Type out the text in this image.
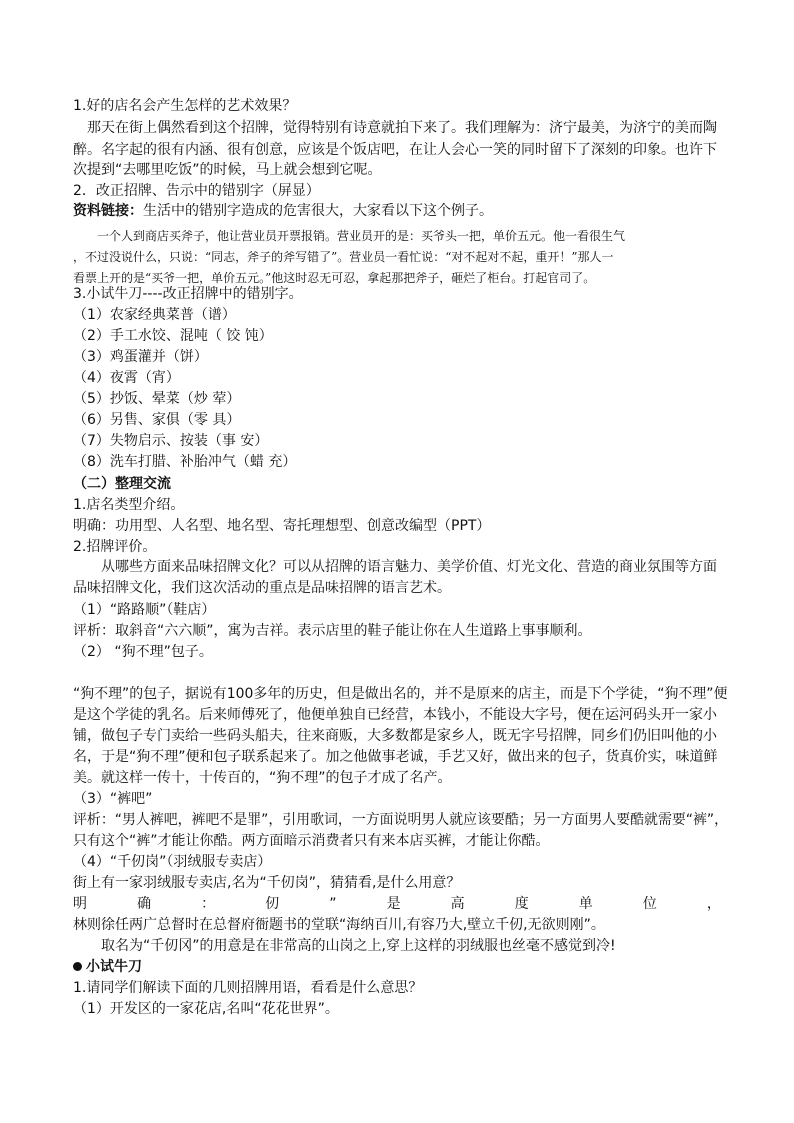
1.好的店名会产生怎样的艺术效果？
那天在街上偶然看到这个招牌，觉得特别有诗意就拍下来了。我们理解为：济宁最美，为济宁的美而陶
醉。名字起的很有内涵、很有创意，应该是个饭店吧，在让人会心一笑的同时留下了深刻的印象。也许下
次提到“去哪里吃饭”的时候，马上就会想到它呢。
2．改正招牌、告示中的错别字（屏显）
资料链接：生活中的错别字造成的危害很大，大家看以下这个例子。
一个人到商店买斧子，他让营业员开票报销。营业员开的是：买爷头一把，单价五元。他一看很生气
，不过没说什么，只说：“同志，斧子的斧写错了”。营业员一看忙说：“对不起对不起，重开！”那人一
看票上开的是“买爷一把，单价五元。”他这时忍无可忍，拿起那把斧子，砸烂了柜台。打起官司了。
3.小试牛刀----改正招牌中的错别字。
（1）农家经典菜普（谱）
（2）手工水饺、混吨（ 饺 饨）
（3）鸡蛋灌并（饼）
（4）夜霄（宵）
（5）抄饭、晕菜（炒 荤）
（6）另售、家俱（零 具）
（7）失物启示、按装（事 安）
（8）洗车打腊、补胎冲气（蜡 充）
（二）整理交流
1.店名类型介绍。
明确：功用型、人名型、地名型、寄托理想型、创意改编型（PPT）
2.招牌评价。
从哪些方面来品味招牌文化？可以从招牌的语言魅力、美学价值、灯光文化、营造的商业氛围等方面
品味招牌文化，我们这次活动的重点是品味招牌的语言艺术。
（1）“路路顺”（鞋店）
评析：取斜音“六六顺”，寓为吉祥。表示店里的鞋子能让你在人生道路上事事顺利。
（2） “狗不理”包子。
“狗不理”的包子，据说有100多年的历史，但是做出名的，并不是原来的店主，而是下个学徒，“狗不理”便
是这个学徒的乳名。后来师傅死了，他便单独自已经营，本钱小，不能设大字号，便在运河码头开一家小
铺，做包子专门卖给一些码头船夫，往来商贩，大多数都是家乡人，既无字号招牌，同乡们仍旧叫他的小
名，于是“狗不理”便和包子联系起来了。加之他做事老诚，手艺又好，做出来的包子，货真价实，味道鲜
美。就这样一传十，十传百的，“狗不理”的包子才成了名产。
（3）“裤吧”
评析：“男人裤吧，裤吧不是罪”，引用歌词，一方面说明男人就应该要酷；另一方面男人要酷就需要“裤”，
只有这个“裤”才能让你酷。两方面暗示消费者只有来本店买裤，才能让你酷。
（4）“千仞岗”（羽绒服专卖店）
街上有一家羽绒服专卖店,名为“千仞岗”，猜猜看,是什么用意？
明	确	：	仞	”	是	高	度	单	位	，
林则徐任两广总督时在总督府衙题书的堂联“海纳百川,有容乃大,壁立千仞,无欲则刚”。
取名为“千仞冈”的用意是在非常高的山岗之上,穿上这样的羽绒服也丝毫不感觉到冷!
小试牛刀
1.请同学们解读下面的几则招牌用语，看看是什么意思？
（1）开发区的一家花店,名叫“花花世界”。
